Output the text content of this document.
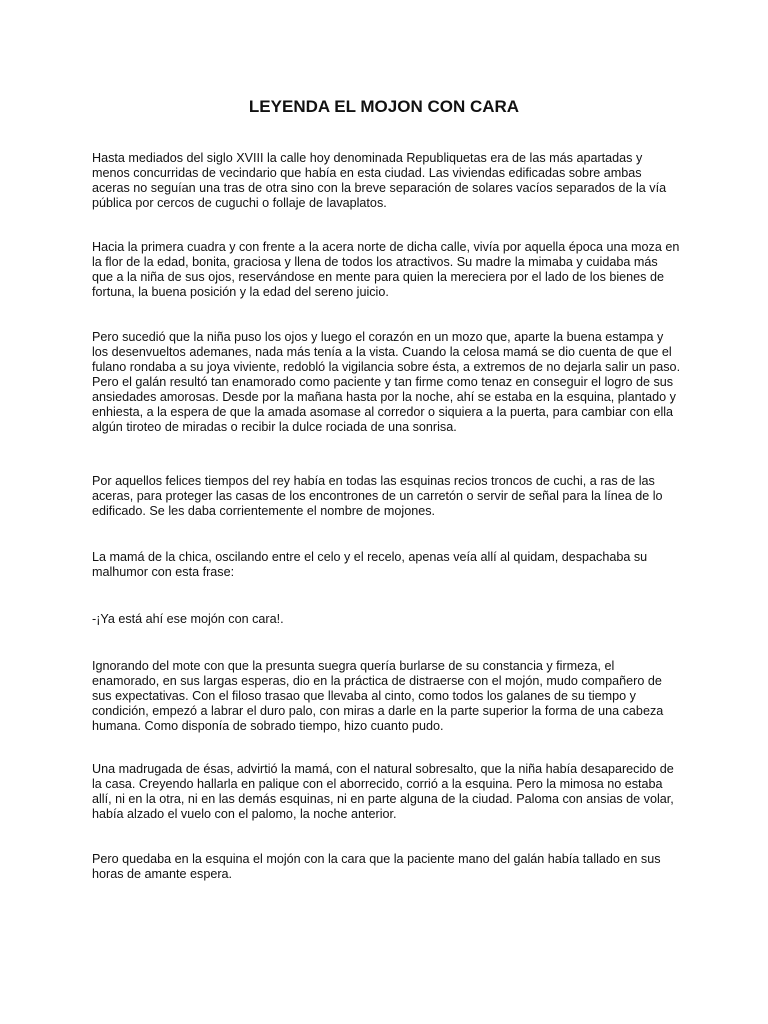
LEYENDA EL MOJON CON CARA

Hasta mediados del siglo XVIII la calle hoy denominada Republiquetas era de las más apartadas y menos concurridas de vecindario que había en esta ciudad. Las viviendas edificadas sobre ambas aceras no seguían una tras de otra sino con la breve separación de solares vacíos separados de la vía pública por cercos de cuguchi o follaje de lavaplatos.

Hacia la primera cuadra y con frente a la acera norte de dicha calle, vivía por aquella época una moza en la flor de la edad, bonita, graciosa y llena de todos los atractivos. Su madre la mimaba y cuidaba más que a la niña de sus ojos, reservándose en mente para quien la mereciera por el lado de los bienes de fortuna, la buena posición y la edad del sereno juicio.

Pero sucedió que la niña puso los ojos y luego el corazón en un mozo que, aparte la buena estampa y los desenvueltos ademanes, nada más tenía a la vista. Cuando la celosa mamá se dio cuenta de que el fulano rondaba a su joya viviente, redobló la vigilancia sobre ésta, a extremos de no dejarla salir un paso. Pero el galán resultó tan enamorado como paciente y tan firme como tenaz en conseguir el logro de sus ansiedades amorosas. Desde por la mañana hasta por la noche, ahí se estaba en la esquina, plantado y enhiesta, a la espera de que la amada asomase al corredor o siquiera a la puerta, para cambiar con ella algún tiroteo de miradas o recibir la dulce rociada de una sonrisa.

Por aquellos felices tiempos del rey había en todas las esquinas recios troncos de cuchi, a ras de las aceras, para proteger las casas de los encontrones de un carretón o servir de señal para la línea de lo edificado. Se les daba corrientemente el nombre de mojones.

La mamá de la chica, oscilando entre el celo y el recelo, apenas veía allí al quidam, despachaba su malhumor con esta frase:

-¡Ya está ahí ese mojón con cara!.

Ignorando del mote con que la presunta suegra quería burlarse de su constancia y firmeza, el enamorado, en sus largas esperas, dio en la práctica de distraerse con el mojón, mudo compañero de sus expectativas. Con el filoso trasao que llevaba al cinto, como todos los galanes de su tiempo y condición, empezó a labrar el duro palo, con miras a darle en la parte superior la forma de una cabeza humana. Como disponía de sobrado tiempo, hizo cuanto pudo.

Una madrugada de ésas, advirtió la mamá, con el natural sobresalto, que la niña había desaparecido de la casa. Creyendo hallarla en palique con el aborrecido, corrió a la esquina. Pero la mimosa no estaba allí, ni en la otra, ni en las demás esquinas, ni en parte alguna de la ciudad. Paloma con ansias de volar, había alzado el vuelo con el palomo, la noche anterior.

Pero quedaba en la esquina el mojón con la cara que la paciente mano del galán había tallado en sus horas de amante espera.
